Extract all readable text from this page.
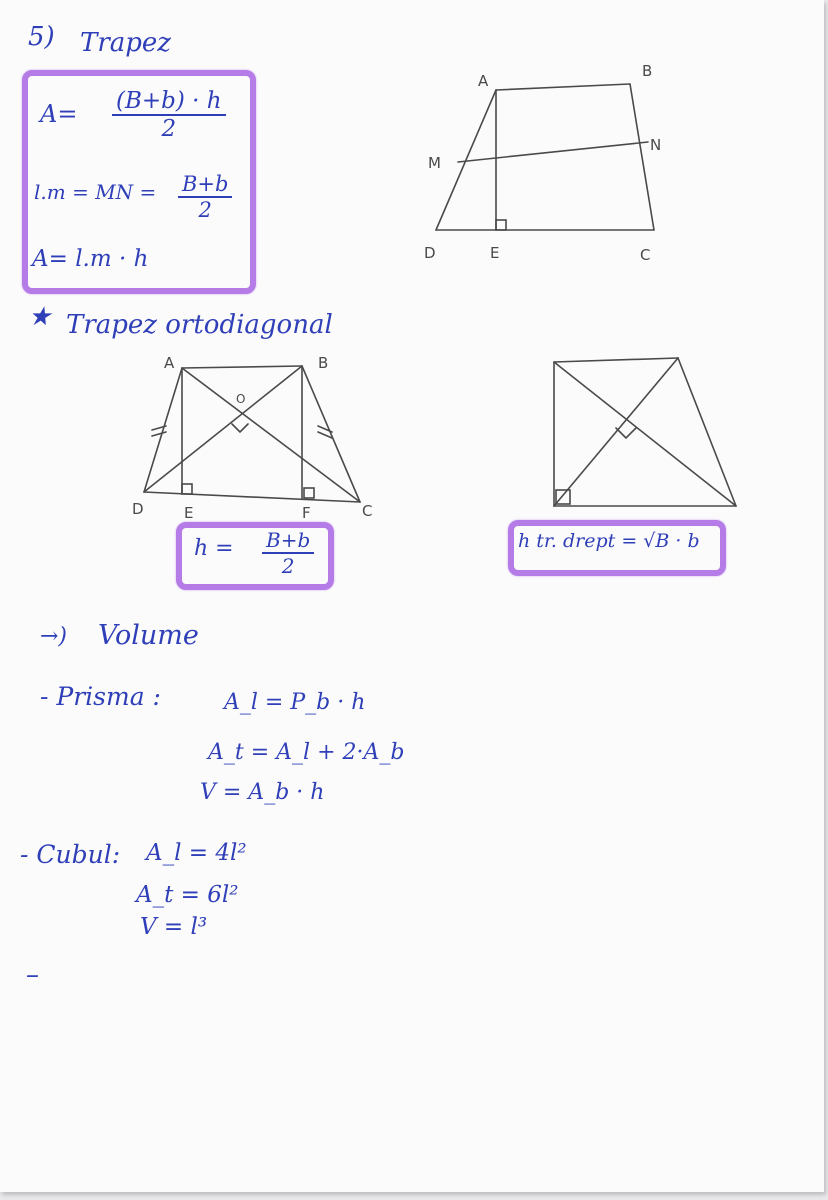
5) Trapez
$A= \frac{(B+b) \cdot h}{2}$
l.m = MN = $\frac{B+b}{2}$
A= l.m · h
★ Trapez ortodiagonal
A
B
M
N
D	E	C
A	B
O
D	E	F	C
$h = \frac{B+b}{2}$	h tr. drept = √B · b
→) Volume
- Prisma :	A_l = P_b · h
A_t = A_l + 2·A_b
V = A_b · h
- Cubul: A_l = 4l²
A_t = 6l²
V = l³
–
